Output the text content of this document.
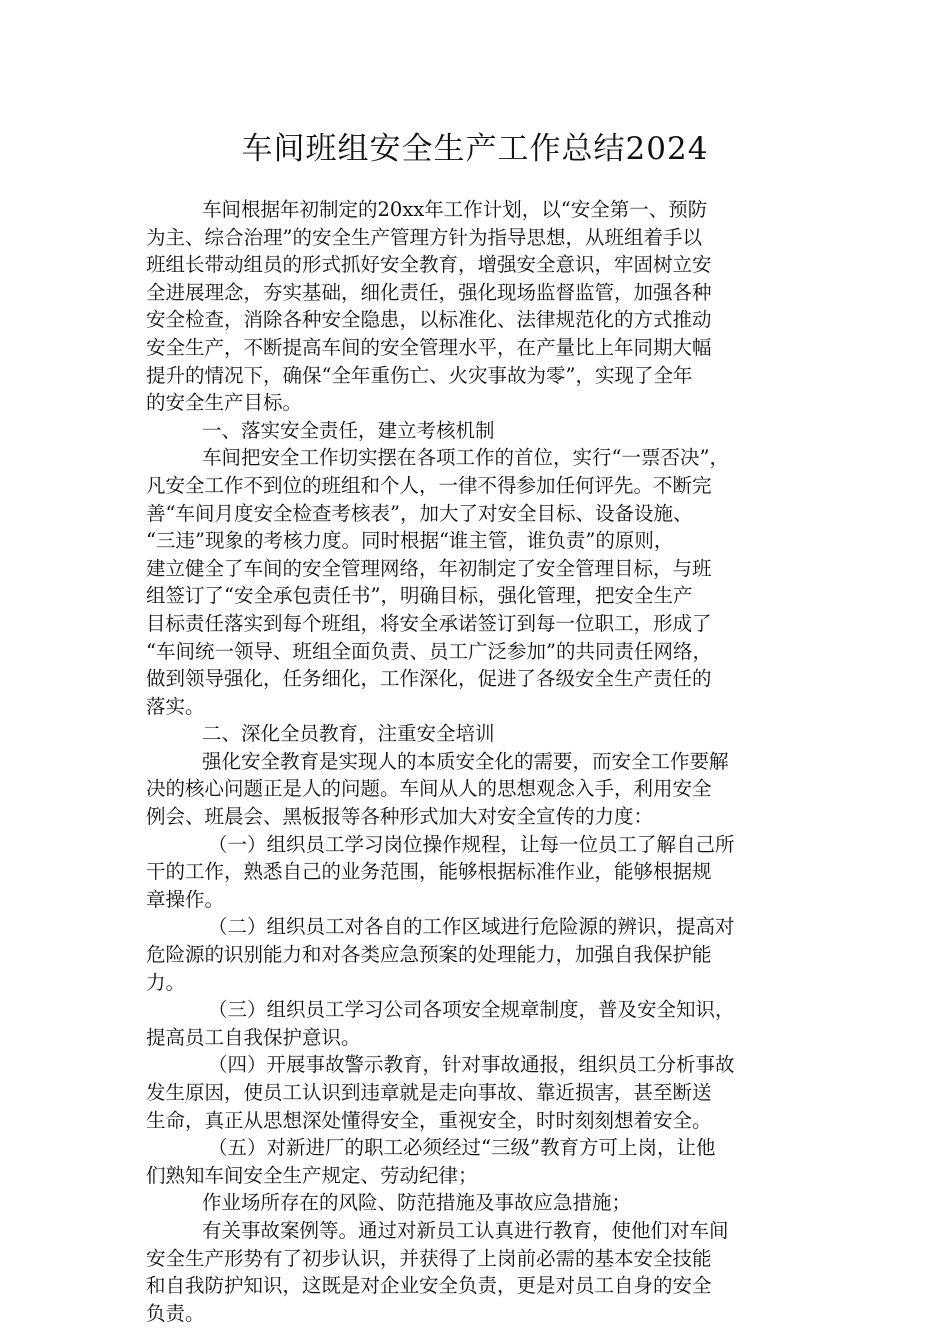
车间班组安全生产工作总结2024
车间根据年初制定的20xx年工作计划，以“安全第一、预防
为主、综合治理”的安全生产管理方针为指导思想，从班组着手以
班组长带动组员的形式抓好安全教育，增强安全意识，牢固树立安
全进展理念，夯实基础，细化责任，强化现场监督监管，加强各种
安全检查，消除各种安全隐患，以标准化、法律规范化的方式推动
安全生产，不断提高车间的安全管理水平，在产量比上年同期大幅
提升的情况下，确保“全年重伤亡、火灾事故为零”，实现了全年
的安全生产目标。
一、落实安全责任，建立考核机制
车间把安全工作切实摆在各项工作的首位，实行“一票否决”，
凡安全工作不到位的班组和个人，一律不得参加任何评先。不断完
善“车间月度安全检查考核表”，加大了对安全目标、设备设施、
“三违”现象的考核力度。同时根据“谁主管，谁负责”的原则，
建立健全了车间的安全管理网络，年初制定了安全管理目标，与班
组签订了“安全承包责任书”，明确目标，强化管理，把安全生产
目标责任落实到每个班组，将安全承诺签订到每一位职工，形成了
“车间统一领导、班组全面负责、员工广泛参加”的共同责任网络，
做到领导强化，任务细化，工作深化，促进了各级安全生产责任的
落实。
二、深化全员教育，注重安全培训
强化安全教育是实现人的本质安全化的需要，而安全工作要解
决的核心问题正是人的问题。车间从人的思想观念入手，利用安全
例会、班晨会、黑板报等各种形式加大对安全宣传的力度：
（一）组织员工学习岗位操作规程，让每一位员工了解自己所
干的工作，熟悉自己的业务范围，能够根据标准作业，能够根据规
章操作。
（二）组织员工对各自的工作区域进行危险源的辨识，提高对
危险源的识别能力和对各类应急预案的处理能力，加强自我保护能
力。
（三）组织员工学习公司各项安全规章制度，普及安全知识，
提高员工自我保护意识。
（四）开展事故警示教育，针对事故通报，组织员工分析事故
发生原因，使员工认识到违章就是走向事故、靠近损害，甚至断送
生命，真正从思想深处懂得安全，重视安全，时时刻刻想着安全。
（五）对新进厂的职工必须经过“三级”教育方可上岗，让他
们熟知车间安全生产规定、劳动纪律；
作业场所存在的风险、防范措施及事故应急措施；
有关事故案例等。通过对新员工认真进行教育，使他们对车间
安全生产形势有了初步认识，并获得了上岗前必需的基本安全技能
和自我防护知识，这既是对企业安全负责，更是对员工自身的安全
负责。
